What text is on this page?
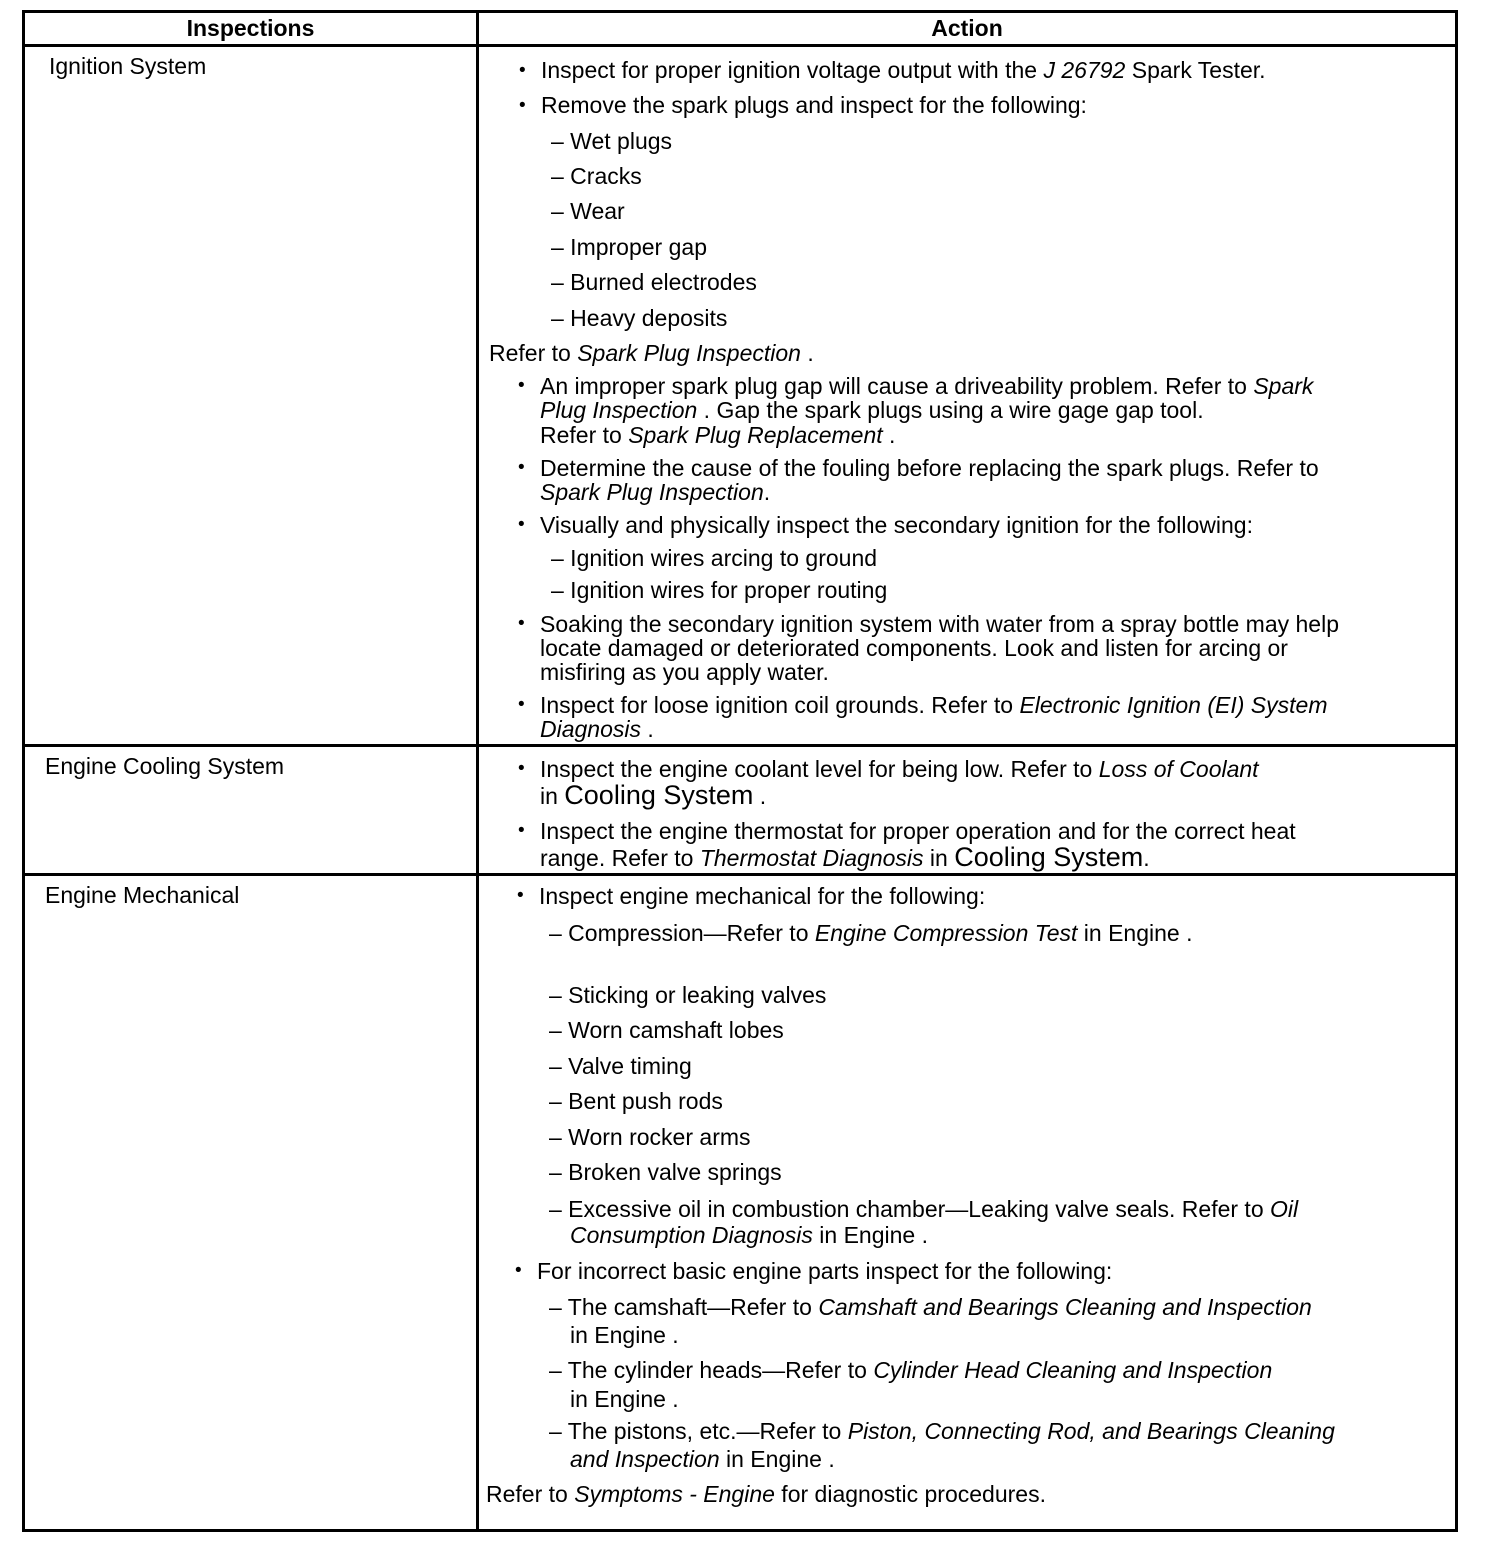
Inspections	Action
Ignition System	• Inspect for proper ignition voltage output with the J 26792 Spark Tester.
• Remove the spark plugs and inspect for the following:
– Wet plugs
– Cracks
– Wear
– Improper gap
– Burned electrodes
– Heavy deposits
Refer to Spark Plug Inspection .
• An improper spark plug gap will cause a driveability problem. Refer to Spark
Plug Inspection . Gap the spark plugs using a wire gage gap tool.
Refer to Spark Plug Replacement .
• Determine the cause of the fouling before replacing the spark plugs. Refer to
Spark Plug Inspection.
• Visually and physically inspect the secondary ignition for the following:
– Ignition wires arcing to ground
– Ignition wires for proper routing
• Soaking the secondary ignition system with water from a spray bottle may help
locate damaged or deteriorated components. Look and listen for arcing or
misfiring as you apply water.
• Inspect for loose ignition coil grounds. Refer to Electronic Ignition (EI) System
Diagnosis .
Engine Cooling System	• Inspect the engine coolant level for being low. Refer to Loss of Coolant
in Cooling System .
• Inspect the engine thermostat for proper operation and for the correct heat
range. Refer to Thermostat Diagnosis in Cooling System.
Engine Mechanical	• Inspect engine mechanical for the following:
– Compression—Refer to Engine Compression Test in Engine .
– Sticking or leaking valves
– Worn camshaft lobes
– Valve timing
– Bent push rods
– Worn rocker arms
– Broken valve springs
– Excessive oil in combustion chamber—Leaking valve seals. Refer to Oil
Consumption Diagnosis in Engine .
• For incorrect basic engine parts inspect for the following:
– The camshaft—Refer to Camshaft and Bearings Cleaning and Inspection
in Engine .
– The cylinder heads—Refer to Cylinder Head Cleaning and Inspection
in Engine .
– The pistons, etc.—Refer to Piston, Connecting Rod, and Bearings Cleaning
and Inspection in Engine .
Refer to Symptoms - Engine for diagnostic procedures.
